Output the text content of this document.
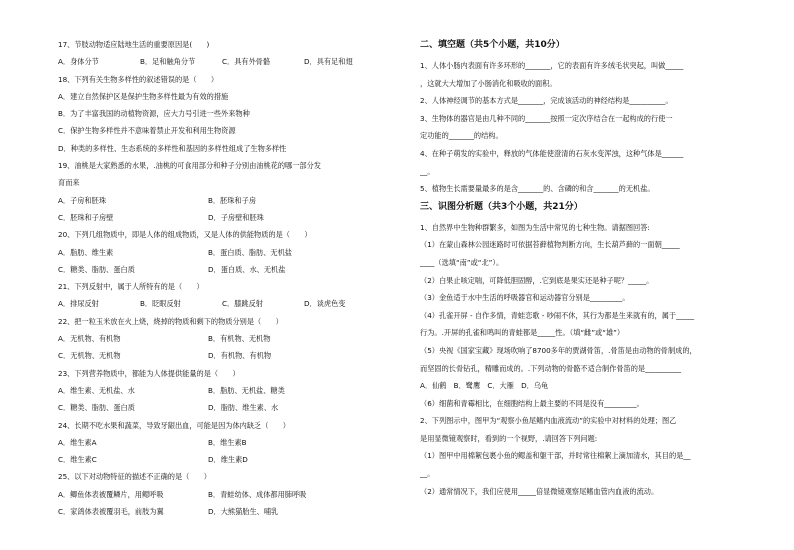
17、节肢动物适应陆地生活的重要原因是(　　)
A．身体分节	B．足和触角分节	C．具有外骨骼	D．具有足和翅
18、下列有关生物多样性的叙述错误的是（　　）
A．建立自然保护区是保护生物多样性最为有效的措施
B．为了丰富我国的动植物资源，应大力号引进一些外来物种
C．保护生物多样性并不意味着禁止开发和利用生物资源
D．种类的多样性、生态系统的多样性和基因的多样性组成了生物多样性
19、油桃是大家熟悉的水果，.油桃的可食用部分和种子分别由油桃花的哪一部分发
育而来
A．子房和胚珠	B．胚珠和子房
C．胚珠和子房壁	D．子房壁和胚珠
20、下列几组物质中，即是人体的组成物质，又是人体的供能物质的是（　　）
A．脂肪、维生素	B．蛋白质、脂肪、无机盐
C．糖类、脂肪、蛋白质	D．蛋白质、水、无机盐
21、下列反射中，属于人所特有的是（　　）
A．排尿反射	B．眨眼反射	C．膝跳反射	D．谈虎色变
22、把一粒玉米放在火上烧，烧掉的物质和剩下的物质分别是（　　）
A．无机物、有机物	B．有机物、无机物
C．无机物、无机物	D．有机物、有机物
23、下列营养物质中，都能为人体提供能量的是（　　）
A．维生素、无机盐、水	B．脂肪、无机盐、糖类
C．糖类、脂肪、蛋白质	D．脂肪、维生素、水
24、长期不吃水果和蔬菜，导致牙龈出血，可能是因为体内缺乏（　　）
A．维生素A	B．维生素B
C．维生素C	D．维生素D
25、以下对动物特征的描述不正确的是（　　）
A．鲫鱼体表被覆鳞片，用鳃呼吸	B．青蛙幼体、成体都用肺呼吸
C．家鸽体表被覆羽毛，前肢为翼	D．大熊猫胎生、哺乳
二、填空题（共5个小题，共10分）
1、人体小肠内表面有许多环形的_______，它的表面有许多绒毛状突起，叫做_____
，这就大大增加了小肠消化和吸收的面积。
2、人体神经调节的基本方式是_______，完成该活动的神经结构是__________。
3、生物体的器官是由几种不同的_______按照一定次序结合在一起构成的行使一
定功能的_______的结构。
4、在种子萌发的实验中，释放的气体能使澄清的石灰水变浑浊，这种气体是______
__。
5、植物生长需要量最多的是含_______的、含磷的和含_______的无机盐。
三、识图分析题（共3个小题，共21分）
1、自然界中生物种群繁多，如图为生活中常见的七种生物。请据图回答:
（1）在蒙山森林公园迷路时可依据苔藓植物判断方向，生长葫芦藓的一面朝_____
____（选填“南”或“北”）。
（2）白果止咳定喘，可降低胆固醇，.它到底是果实还是种子呢？_____。
（3）金鱼适于水中生活的呼吸器官和运动器官分别是_________。
（4）孔雀开屏 - 自作多情，青蛙恋歌 - 吵闹不休，其行为都是生来就有的，属于_____
行为。.开屏的孔雀和鸣叫的青蛙都是_____性。（填“雌”或“雄”）
（5）央视《国家宝藏》现场吹响了8700多年的贾湖骨笛，.骨笛是由动物的骨制成的，
而坚固的长骨钻孔，精雕而成的。.下列动物的骨骼不适合制作骨笛的是__________
A．仙鹤　B．鹭鹰　C．大雁　D．乌龟
（6）细菌和青霉相比，在细胞结构上最主要的不同是没有_________。
2、下列图示中，图甲为“观察小鱼尾鳍内血液流动”的实验中对材料的处理；图乙
是用显微镜观察时，看到的一个视野，.请回答下列问题:
（1）图甲中用棉絮包裹小鱼的鳃盖和躯干部，并时常往棉絮上滴加清水，其目的是__
__。
（2）通常情况下，我们应使用_____倍显微镜观察尾鳍血管内血液的流动。
